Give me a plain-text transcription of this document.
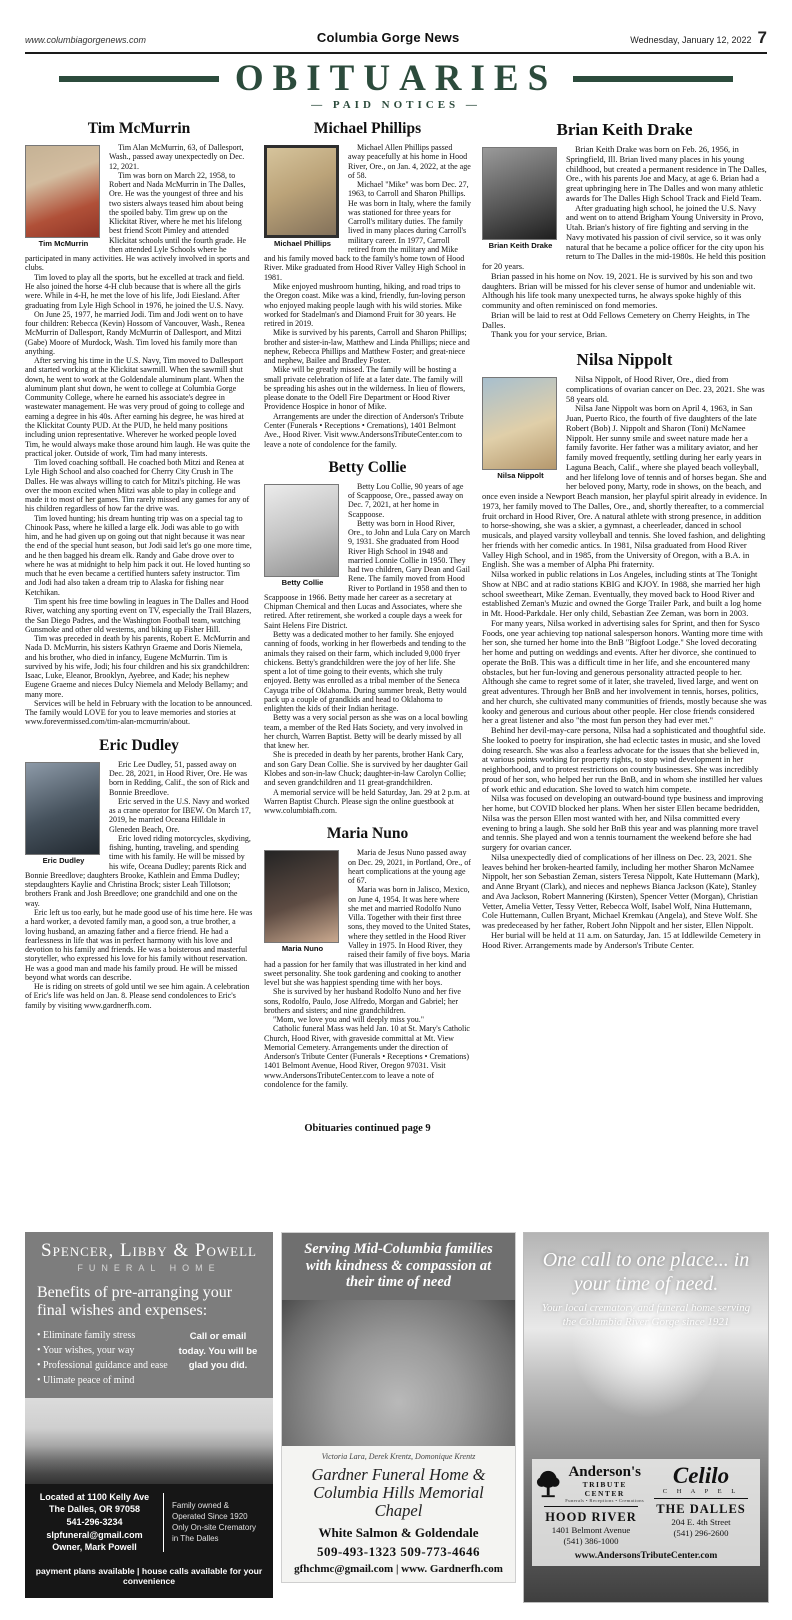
www.columbiagorgenews.com	Columbia Gorge News	Wednesday, January 12, 2022 7
OBITUARIES
— PAID NOTICES —
Tim McMurrin
Tim McMurrin

Tim Alan McMurrin, 63, of Dallesport, Wash., passed away unexpectedly on Dec. 12, 2021.

Tim was born on March 22, 1958, to Robert and Nada McMurrin in The Dalles, Ore. He was the youngest of three and his two sisters always teased him about being the spoiled baby. Tim grew up on the Klickitat River, where he met his lifelong best friend Scott Pimley and attended Klickitat schools until the fourth grade. He then attended Lyle Schools where he participated in many activities. He was actively involved in sports and clubs.

Tim loved to play all the sports, but he excelled at track and field. He also joined the horse 4-H club because that is where all the girls were. While in 4-H, he met the love of his life, Jodi Eiesland. After graduating from Lyle High School in 1976, he joined the U.S. Navy.

On June 25, 1977, he married Jodi. Tim and Jodi went on to have four children: Rebecca (Kevin) Hossom of Vancouver, Wash., Renea McMurrin of Dallesport, Randy McMurrin of Dallesport, and Mitzi (Gabe) Moore of Murdock, Wash. Tim loved his family more than anything.

After serving his time in the U.S. Navy, Tim moved to Dallesport and started working at the Klickitat sawmill. When the sawmill shut down, he went to work at the Goldendale aluminum plant. When the aluminum plant shut down, he went to college at Columbia Gorge Community College, where he earned his associate's degree in wastewater management. He was very proud of going to college and earning a degree in his 40s. After earning his degree, he was hired at the Klickitat County PUD. At the PUD, he held many positions including union representative. Wherever he worked people loved Tim, he would always make those around him laugh. He was quite the practical joker. Outside of work, Tim had many interests.

Tim loved coaching softball. He coached both Mitzi and Renea at Lyle High School and also coached for Cherry City Crush in The Dalles. He was always willing to catch for Mitzi's pitching. He was over the moon excited when Mitzi was able to play in college and made it to most of her games. Tim rarely missed any games for any of his children regardless of how far the drive was.

Tim loved hunting; his dream hunting trip was on a special tag to Chinook Pass, where he killed a large elk. Jodi was able to go with him, and he had given up on going out that night because it was near the end of the special hunt season, but Jodi said let's go one more time, and he then bagged his dream elk. Randy and Gabe drove over to where he was at midnight to help him pack it out. He loved hunting so much that he even became a certified hunters safety instructor. Tim and Jodi had also taken a dream trip to Alaska for fishing near Ketchikan.

Tim spent his free time bowling in leagues in The Dalles and Hood River, watching any sporting event on TV, especially the Trail Blazers, the San Diego Padres, and the Washington Football team, watching Gunsmoke and other old westerns, and biking up Fisher Hill.

Tim was preceded in death by his parents, Robert E. McMurrin and Nada D. McMurrin, his sisters Kathryn Graeme and Doris Niemela, and his brother, who died in infancy, Eugene McMurrin. Tim is survived by his wife, Jodi; his four children and his six grandchildren: Isaac, Luke, Eleanor, Brooklyn, Ayebree, and Kade; his nephew Eugene Graeme and nieces Dulcy Niemela and Melody Bellamy; and many more.

Services will be held in February with the location to be announced. The family would LOVE for you to leave memories and stories at www.forevermissed.com/tim-alan-mcmurrin/about.

Eric Dudley
Eric Dudley

Eric Lee Dudley, 51, passed away on Dec. 28, 2021, in Hood River, Ore. He was born in Redding, Calif., the son of Rick and Bonnie Breedlove.

Eric served in the U.S. Navy and worked as a crane operator for IBEW. On March 17, 2019, he married Oceana Hilldale in Gleneden Beach, Ore.

Eric loved riding motorcycles, skydiving, fishing, hunting, traveling, and spending time with his family. He will be missed by his wife, Oceana Dudley; parents Rick and Bonnie Breedlove; daughters Brooke, Kathlein and Emma Dudley; stepdaughters Kaylie and Christina Brock; sister Leah Tillotson; brothers Frank and Josh Breedlove; one grandchild and one on the way.

Eric left us too early, but he made good use of his time here. He was a hard worker, a devoted family man, a good son, a true brother, a loving husband, an amazing father and a fierce friend. He had a fearlessness in life that was in perfect harmony with his love and devotion to his family and friends. He was a boisterous and masterful storyteller, who expressed his love for his family without reservation. He was a good man and made his family proud. He will be missed beyond what words can describe.

He is riding on streets of gold until we see him again. A celebration of Eric's life was held on Jan. 8. Please send condolences to Eric's family by visiting www.gardnerfh.com.

Michael Phillips
Michael Phillips

Michael Allen Phillips passed away peacefully at his home in Hood River, Ore., on Jan. 4, 2022, at the age of 58.

Michael "Mike" was born Dec. 27, 1963, to Carroll and Sharon Phillips. He was born in Italy, where the family was stationed for three years for Carroll's military duties. The family lived in many places during Carroll's military career. In 1977, Carroll retired from the military and Mike and his family moved back to the family's home town of Hood River. Mike graduated from Hood River Valley High School in 1981.

Mike enjoyed mushroom hunting, hiking, and road trips to the Oregon coast. Mike was a kind, friendly, fun-loving person who enjoyed making people laugh with his wild stories. Mike worked for Stadelman's and Diamond Fruit for 30 years. He retired in 2019.

Mike is survived by his parents, Carroll and Sharon Phillips; brother and sister-in-law, Matthew and Linda Phillips; niece and nephew, Rebecca Phillips and Matthew Foster; and great-niece and nephew, Bailee and Bradley Foster.

Mike will be greatly missed. The family will be hosting a small private celebration of life at a later date. The family will be spreading his ashes out in the wilderness. In lieu of flowers, please donate to the Odell Fire Department or Hood River Providence Hospice in honor of Mike.

Arrangements are under the direction of Anderson's Tribute Center (Funerals • Receptions • Cremations), 1401 Belmont Ave., Hood River. Visit www.AndersonsTributeCenter.com to leave a note of condolence for the family.

Betty Collie
Betty Collie

Betty Lou Collie, 90 years of age of Scappoose, Ore., passed away on Dec. 7, 2021, at her home in Scappoose.

Betty was born in Hood River, Ore., to John and Lula Cary on March 9, 1931. She graduated from Hood River High School in 1948 and married Lonnie Collie in 1950. They had two children, Gary Dean and Gail Rene. The family moved from Hood River to Portland in 1958 and then to Scappoose in 1966. Betty made her career as a secretary at Chipman Chemical and then Lucas and Associates, where she retired. After retirement, she worked a couple days a week for Saint Helens Fire District.

Betty was a dedicated mother to her family. She enjoyed canning of foods, working in her flowerbeds and tending to the animals they raised on their farm, which included 9,000 fryer chickens. Betty's grandchildren were the joy of her life. She spent a lot of time going to their events, which she truly enjoyed. Betty was enrolled as a tribal member of the Seneca Cayuga tribe of Oklahoma. During summer break, Betty would pack up a couple of grandkids and head to Oklahoma to enlighten the kids of their Indian heritage.

Betty was a very social person as she was on a local bowling team, a member of the Red Hats Society, and very involved in her church, Warren Baptist. Betty will be dearly missed by all that knew her.

She is preceded in death by her parents, brother Hank Cary, and son Gary Dean Collie. She is survived by her daughter Gail Klobes and son-in-law Chuck; daughter-in-law Carolyn Collie; and seven grandchildren and 11 great-grandchildren.

A memorial service will be held Saturday, Jan. 29 at 2 p.m. at Warren Baptist Church. Please sign the online guestbook at www.columbiafh.com.

Maria Nuno
Maria Nuno

Maria de Jesus Nuno passed away on Dec. 29, 2021, in Portland, Ore., of heart complications at the young age of 67.

Maria was born in Jalisco, Mexico, on June 4, 1954. It was here where she met and married Rodolfo Nuno Villa. Together with their first three sons, they moved to the United States, where they settled in the Hood River Valley in 1975. In Hood River, they raised their family of five boys. Maria had a passion for her family that was illustrated in her kind and sweet personality. She took gardening and cooking to another level but she was happiest spending time with her boys.

She is survived by her husband Rodolfo Nuno and her five sons, Rodolfo, Paulo, Jose Alfredo, Morgan and Gabriel; her brothers and sisters; and nine grandchildren.

"Mom, we love you and will deeply miss you."

Catholic funeral Mass was held Jan. 10 at St. Mary's Catholic Church, Hood River, with graveside committal at Mt. View Memorial Cemetery. Arrangements under the direction of Anderson's Tribute Center (Funerals • Receptions • Cremations) 1401 Belmont Avenue, Hood River, Oregon 97031. Visit www.AndersonsTributeCenter.com to leave a note of condolence for the family.

Obituaries continued page 9
Brian Keith Drake
Brian Keith Drake

Brian Keith Drake was born on Feb. 26, 1956, in Springfield, Ill. Brian lived many places in his young childhood, but created a permanent residence in The Dalles, Ore., with his parents Joe and Macy, at age 6. Brian had a great upbringing here in The Dalles and won many athletic awards for The Dalles High School Track and Field Team.

After graduating high school, he joined the U.S. Navy and went on to attend Brigham Young University in Provo, Utah. Brian's history of fire fighting and serving in the Navy motivated his passion of civil service, so it was only natural that he became a police officer for the city upon his return to The Dalles in the mid-1980s. He held this position for 20 years.

Brian passed in his home on Nov. 19, 2021. He is survived by his son and two daughters. Brian will be missed for his clever sense of humor and undeniable wit. Although his life took many unexpected turns, he always spoke highly of this community and often reminisced on fond memories.

Brian will be laid to rest at Odd Fellows Cemetery on Cherry Heights, in The Dalles.

Thank you for your service, Brian.

Nilsa Nippolt
Nilsa Nippolt

Nilsa Nippolt, of Hood River, Ore., died from complications of ovarian cancer on Dec. 23, 2021. She was 58 years old.

Nilsa Jane Nippolt was born on April 4, 1963, in San Juan, Puerto Rico, the fourth of five daughters of the late Robert (Bob) J. Nippolt and Sharon (Toni) McNamee Nippolt. Her sunny smile and sweet nature made her a family favorite. Her father was a military aviator, and her family moved frequently, settling during her early years in Laguna Beach, Calif., where she played beach volleyball, and her lifelong love of tennis and of horses began. She and her beloved pony, Marty, rode in shows, on the beach, and once even inside a Newport Beach mansion, her playful spirit already in evidence. In 1973, her family moved to The Dalles, Ore., and, shortly thereafter, to a commercial fruit orchard in Hood River, Ore. A natural athlete with strong presence, in addition to horse-showing, she was a skier, a gymnast, a cheerleader, danced in school musicals, and played varsity volleyball and tennis. She loved fashion, and delighting her friends with her comedic antics. In 1981, Nilsa graduated from Hood River Valley High School, and in 1985, from the University of Oregon, with a B.A. in English. She was a member of Alpha Phi fraternity.

Nilsa worked in public relations in Los Angeles, including stints at The Tonight Show at NBC and at radio stations KBIG and KJOY. In 1988, she married her high school sweetheart, Mike Zeman. Eventually, they moved back to Hood River and established Zeman's Muzic and owned the Gorge Trailer Park, and built a log home in Mt. Hood-Parkdale. Her only child, Sebastian Zee Zeman, was born in 2003.

For many years, Nilsa worked in advertising sales for Sprint, and then for Sysco Foods, one year achieving top national salesperson honors. Wanting more time with her son, she turned her home into the BnB "Bigfoot Lodge." She loved decorating her home and putting on weddings and events. After her divorce, she continued to operate the BnB. This was a difficult time in her life, and she encountered many obstacles, but her fun-loving and generous personality attracted people to her. Although she came to regret some of it later, she traveled, lived large, and went on great adventures. Through her BnB and her involvement in tennis, horses, politics, and her church, she cultivated many communities of friends, mostly because she was kooky and generous and curious about other people. Her close friends considered her a great listener and also "the most fun person they had ever met."

Behind her devil-may-care persona, Nilsa had a sophisticated and thoughtful side. She looked to poetry for inspiration, she had eclectic tastes in music, and she loved doing research. She was also a fearless advocate for the issues that she believed in, at various points working for property rights, to stop wind development in her neighborhood, and to protest restrictions on county businesses. She was incredibly proud of her son, who helped her run the BnB, and in whom she instilled her values of work ethic and education. She loved to watch him compete.

Nilsa was focused on developing an outward-bound type business and improving her home, but COVID blocked her plans. When her sister Ellen became bedridden, Nilsa was the person Ellen most wanted with her, and Nilsa committed every evening to bring a laugh. She sold her BnB this year and was planning more travel and tennis. She played and won a tennis tournament the weekend before she had surgery for ovarian cancer.

Nilsa unexpectedly died of complications of her illness on Dec. 23, 2021. She leaves behind her broken-hearted family, including her mother Sharon McNamee Nippolt, her son Sebastian Zeman, sisters Teresa Nippolt, Kate Huttemann (Mark), and Anne Bryant (Clark), and nieces and nephews Bianca Jackson (Kate), Stanley and Ava Jackson, Robert Mannering (Kirsten), Spencer Vetter (Morgan), Christian Vetter, Amelia Vetter, Tessy Vetter, Rebecca Wolf, Isabel Wolf, Nina Huttemann, Cole Huttemann, Cullen Bryant, Michael Kremkau (Angela), and Steve Wolf. She was predeceased by her father, Robert John Nippolt and her sister, Ellen Nippolt.

Her burial will be held at 11 a.m. on Saturday, Jan. 15 at Iddlewilde Cemetery in Hood River. Arrangements made by Anderson's Tribute Center.

Spencer, Libby & Powell
FUNERAL HOME
Benefits of pre-arranging your final wishes and expenses:

• Eliminate family stress

• Your wishes, your way

• Professional guidance and ease

• Ulimate peace of mind

Call or email today. You will be glad you did.

Located at 1100 Kelly Ave

The Dalles, OR 97058

541-296-3234

slpfuneral@gmail.com

Owner, Mark Powell

Family owned &

Operated Since 1920

Only On-site Crematory

in The Dalles

payment plans available | house calls available for your convenience
Serving Mid-Columbia families with kindness & compassion at their time of need
Victoria Lara, Derek Krentz, Domonique Krentz
Gardner Funeral Home & Columbia Hills Memorial Chapel
White Salmon & Goldendale
509-493-1323 509-773-4646
gfhchmc@gmail.com | www. Gardnerfh.com
One call to one place... in your time of need.
Your local crematory and funeral home serving the Columbia River Gorge since 1921
Anderson's
TRIBUTE CENTER
Funerals • Receptions • Cremations
HOOD RIVER
1401 Belmont Avenue
(541) 386-1000
Celilo
C H A P E L
THE DALLES
204 E. 4th Street
(541) 296-2600
www.AndersonsTributeCenter.com
